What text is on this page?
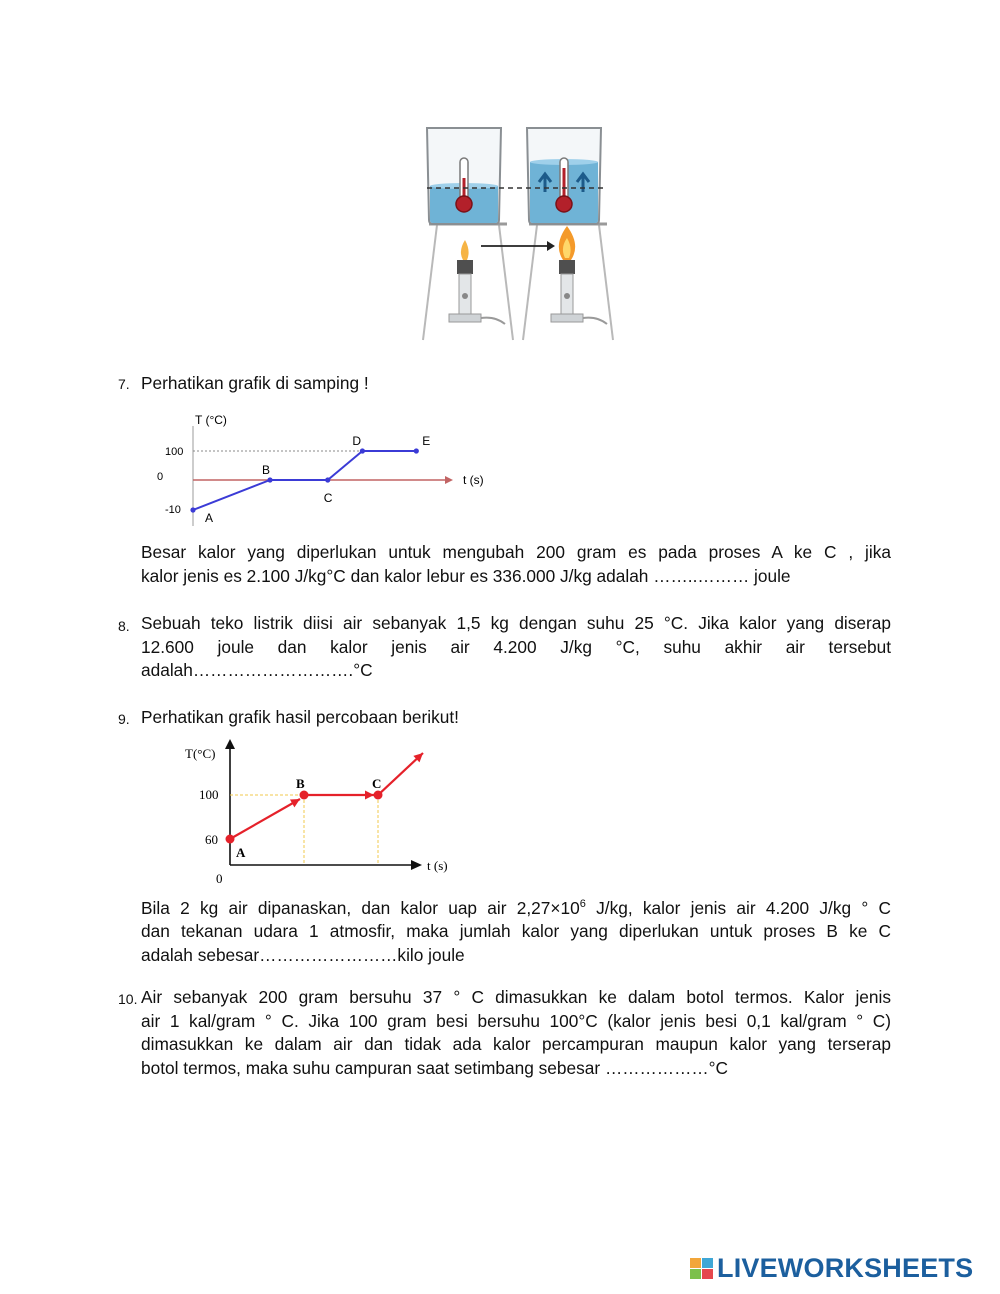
7. Perhatikan grafik di samping !
T (°C)
t (s)
100
0
-10
A
B
C
D	E
Besar kalor yang diperlukan untuk mengubah 200 gram es pada proses A ke C , jika
kalor jenis es 2.100 J/kg°C dan kalor lebur es 336.000 J/kg adalah ……..……… joule
8. Sebuah teko listrik diisi air sebanyak 1,5 kg dengan suhu 25 °C. Jika kalor yang diserap
12.600 joule dan kalor jenis air 4.200 J/kg °C, suhu akhir air tersebut
adalah……………………….°C
9. Perhatikan grafik hasil percobaan berikut!
T(°C)
t (s)
100
60
0
A
B	C
Bila 2 kg air dipanaskan, dan kalor uap air $2,27\times 10^6$ J/kg, kalor jenis air 4.200 J/kg ° C
dan tekanan udara 1 atmosfir, maka jumlah kalor yang diperlukan untuk proses B ke C
adalah sebesar……………………kilo joule
10. Air sebanyak 200 gram bersuhu 37 ° C dimasukkan ke dalam botol termos. Kalor jenis
air 1 kal/gram ° C. Jika 100 gram besi bersuhu 100°C (kalor jenis besi 0,1 kal/gram ° C)
dimasukkan ke dalam air dan tidak ada kalor percampuran maupun kalor yang terserap
botol termos, maka suhu campuran saat setimbang sebesar ………………°C
LIVEWORKSHEETS
